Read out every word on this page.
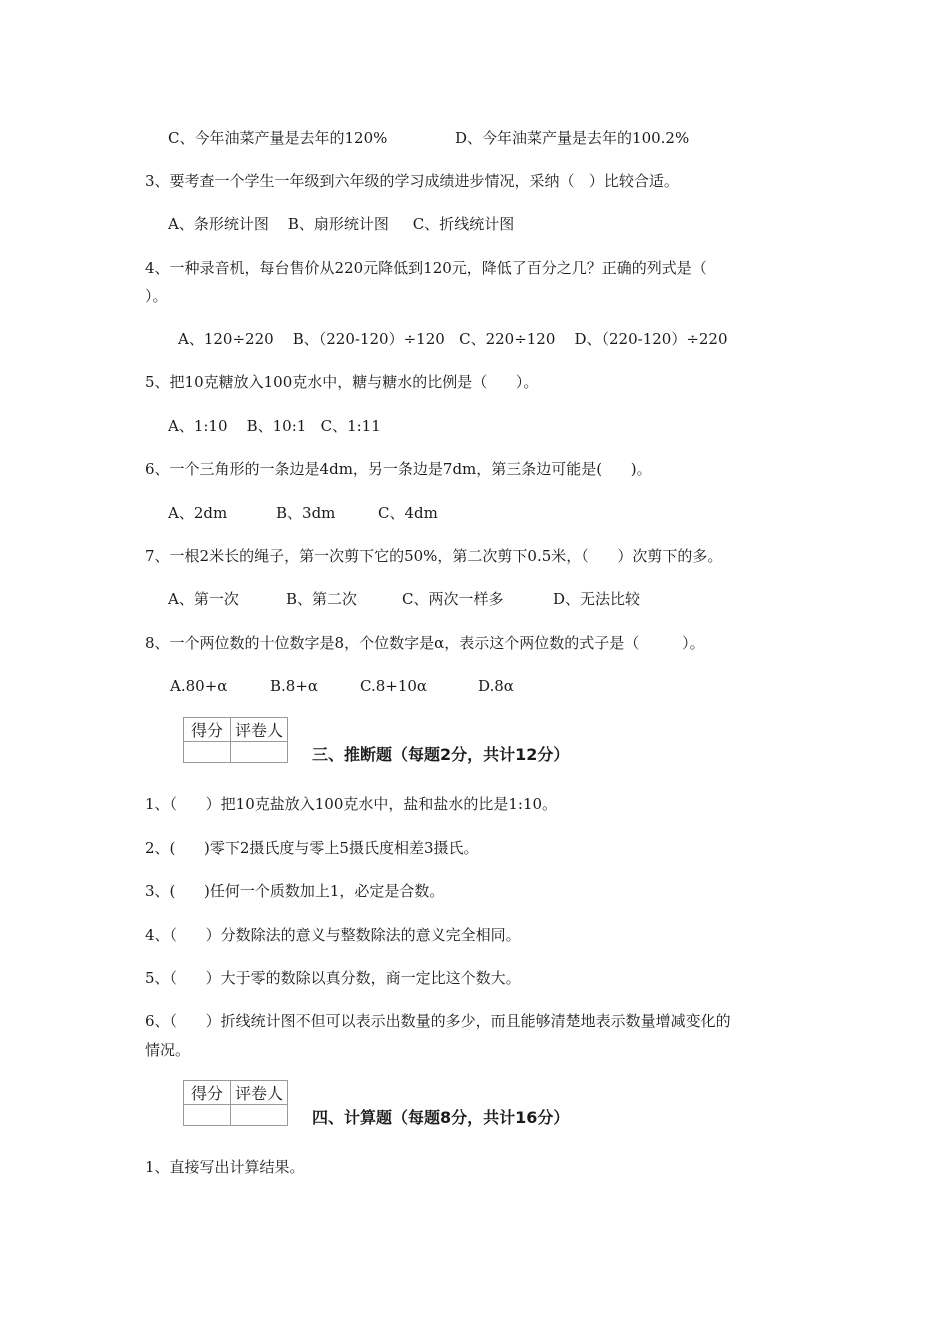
C、今年油菜产量是去年的120%	D、今年油菜产量是去年的100.2%
3、要考查一个学生一年级到六年级的学习成绩进步情况，采纳（   ）比较合适。
A、条形统计图    B、扇形统计图     C、折线统计图
4、一种录音机，每台售价从220元降低到120元，降低了百分之几？正确的列式是（
）。
A、120÷220    B、（220-120）÷120   C、220÷120    D、（220-120）÷220
5、把10克糖放入100克水中，糖与糖水的比例是（      ）。
A、1:10    B、10:1   C、1:11
6、一个三角形的一条边是4dm，另一条边是7dm，第三条边可能是(      )。
A、2dm	B、3dm	C、4dm
7、一根2米长的绳子，第一次剪下它的50%，第二次剪下0.5米，（      ）次剪下的多。
A、第一次	B、第二次	C、两次一样多	D、无法比较
8、一个两位数的十位数字是8，个位数字是α，表示这个两位数的式子是（         ）。
A.80+α	B.8+α	C.8+10α	D.8α
得分	评卷人

三、推断题（每题2分，共计12分）
1、（      ）把10克盐放入100克水中，盐和盐水的比是1:10。
2、(      )零下2摄氏度与零上5摄氏度相差3摄氏。
3、(      )任何一个质数加上1，必定是合数。
4、（      ）分数除法的意义与整数除法的意义完全相同。
5、（      ）大于零的数除以真分数，商一定比这个数大。
6、（      ）折线统计图不但可以表示出数量的多少，而且能够清楚地表示数量增减变化的
情况。
得分	评卷人

四、计算题（每题8分，共计16分）
1、直接写出计算结果。
